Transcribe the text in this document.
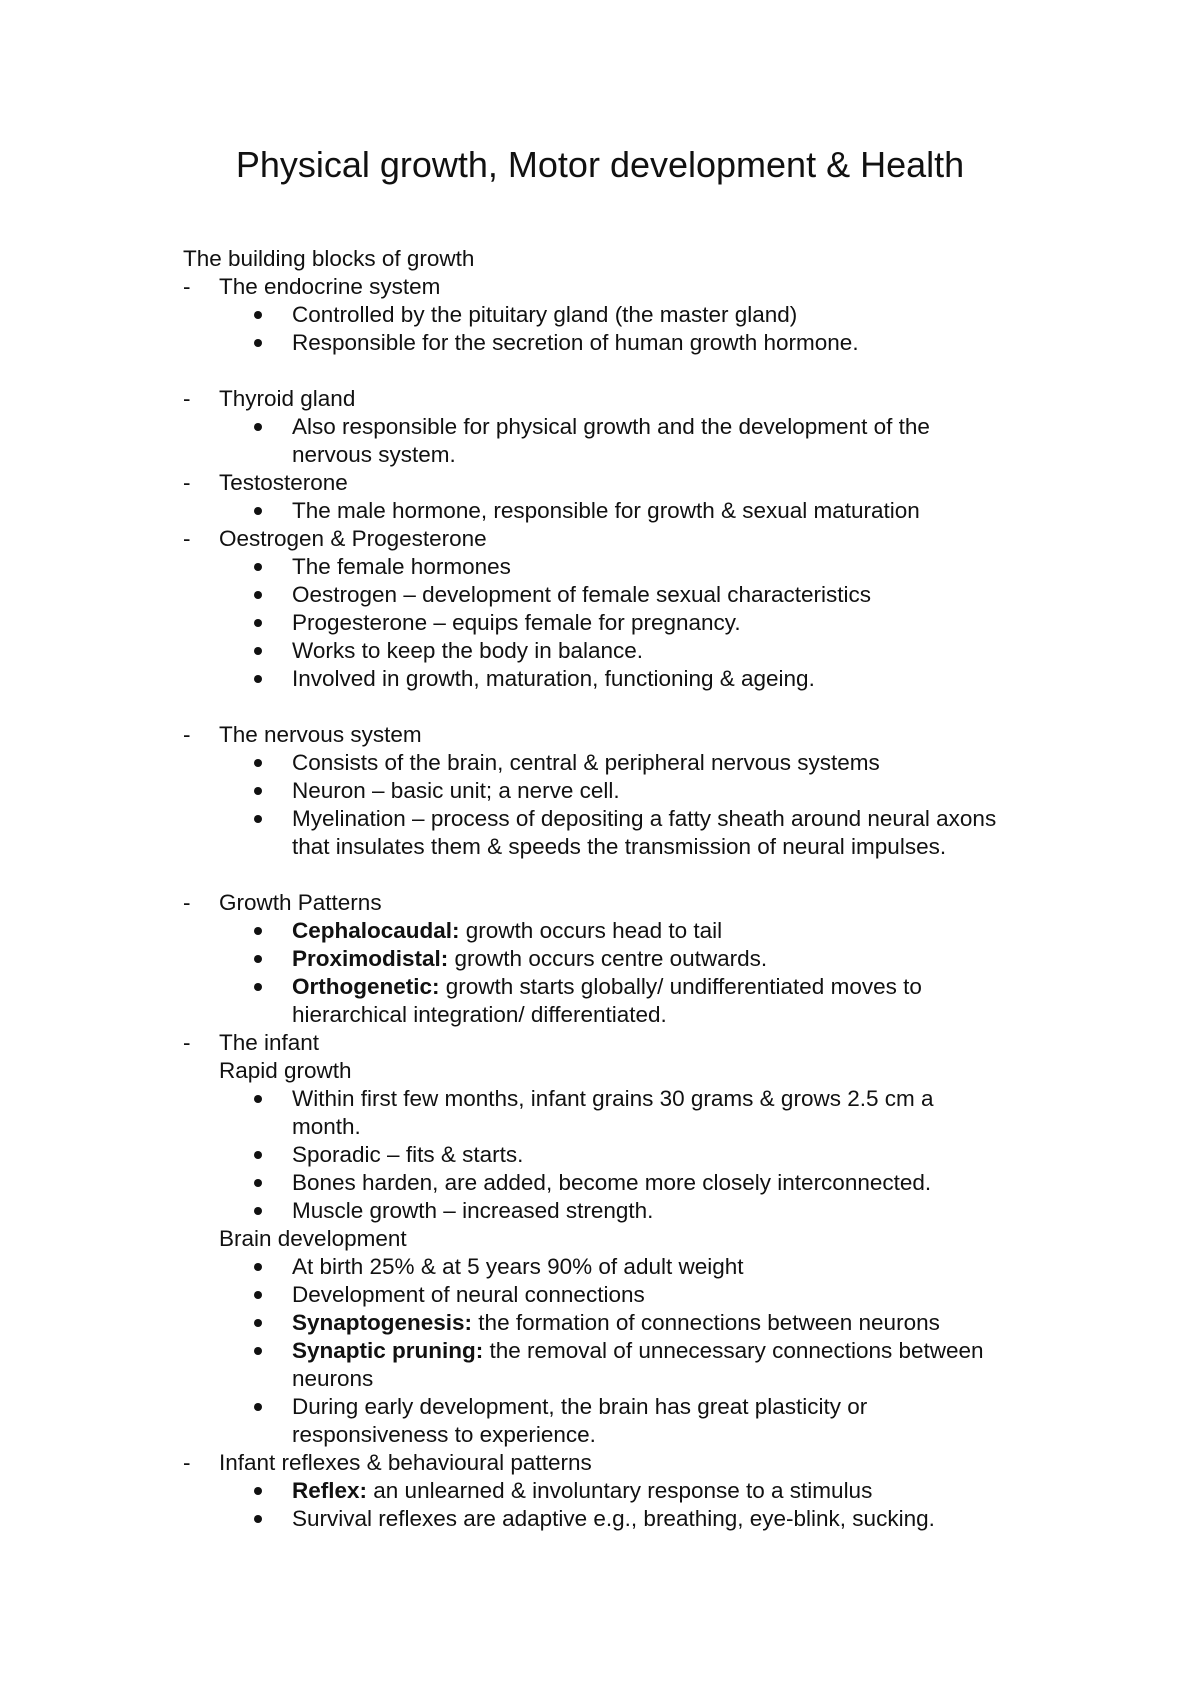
Physical growth, Motor development & Health
The building blocks of growth
- The endocrine system
Controlled by the pituitary gland (the master gland)
Responsible for the secretion of human growth hormone.
- Thyroid gland
Also responsible for physical growth and the development of the
nervous system.
- Testosterone
The male hormone, responsible for growth & sexual maturation
- Oestrogen & Progesterone
The female hormones
Oestrogen – development of female sexual characteristics
Progesterone – equips female for pregnancy.
Works to keep the body in balance.
Involved in growth, maturation, functioning & ageing.
- The nervous system
Consists of the brain, central & peripheral nervous systems
Neuron – basic unit; a nerve cell.
Myelination – process of depositing a fatty sheath around neural axons
that insulates them & speeds the transmission of neural impulses.
- Growth Patterns
Cephalocaudal: growth occurs head to tail
Proximodistal: growth occurs centre outwards.
Orthogenetic: growth starts globally/ undifferentiated moves to
hierarchical integration/ differentiated.
- The infant
Rapid growth
Within first few months, infant grains 30 grams & grows 2.5 cm a
month.
Sporadic – fits & starts.
Bones harden, are added, become more closely interconnected.
Muscle growth – increased strength.
Brain development
At birth 25% & at 5 years 90% of adult weight
Development of neural connections
Synaptogenesis: the formation of connections between neurons
Synaptic pruning: the removal of unnecessary connections between
neurons
During early development, the brain has great plasticity or
responsiveness to experience.
- Infant reflexes & behavioural patterns
Reflex: an unlearned & involuntary response to a stimulus
Survival reflexes are adaptive e.g., breathing, eye-blink, sucking.
